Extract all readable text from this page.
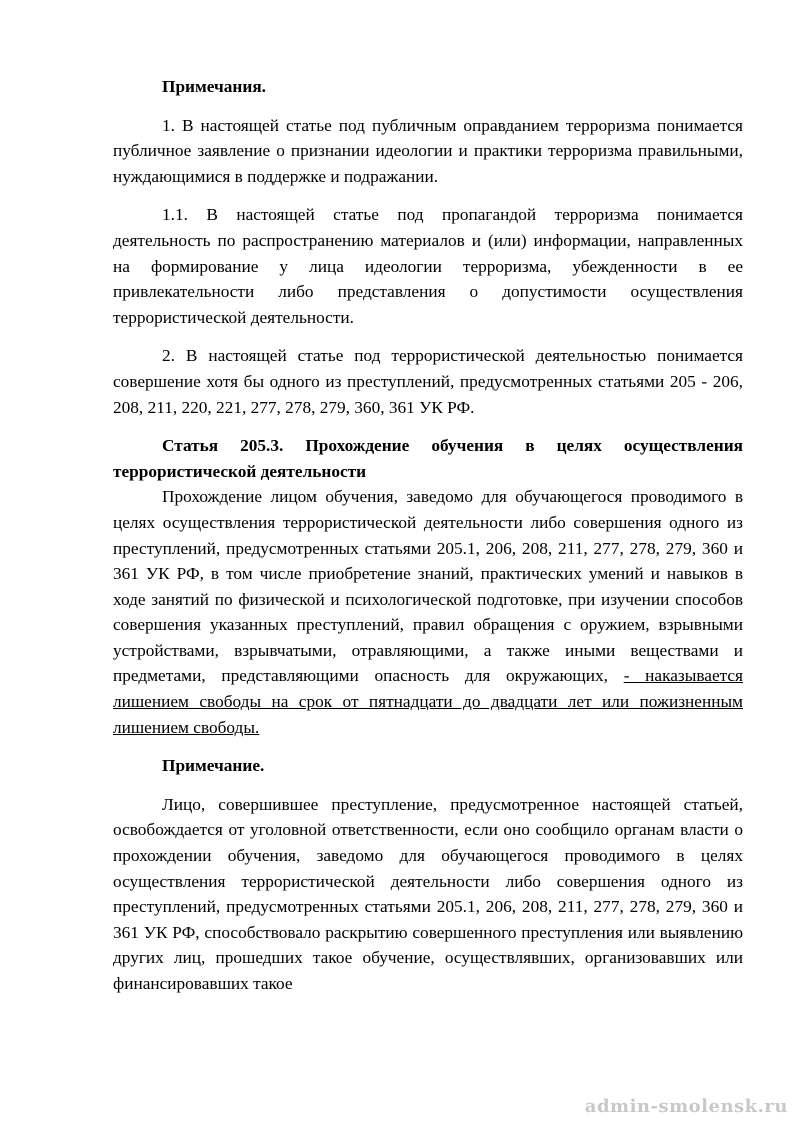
Примечания.

1. В настоящей статье под публичным оправданием терроризма понимается публичное заявление о признании идеологии и практики терроризма правильными, нуждающимися в поддержке и подражании.

1.1. В настоящей статье под пропагандой терроризма понимается деятельность по распространению материалов и (или) информации, направленных на формирование у лица идеологии терроризма, убежденности в ее привлекательности либо представления о допустимости осуществления террористической деятельности.

2. В настоящей статье под террористической деятельностью понимается совершение хотя бы одного из преступлений, предусмотренных статьями 205 - 206, 208, 211, 220, 221, 277, 278, 279, 360, 361 УК РФ.

Статья 205.3. Прохождение обучения в целях осуществления террористической деятельности

Прохождение лицом обучения, заведомо для обучающегося проводимого в целях осуществления террористической деятельности либо совершения одного из преступлений, предусмотренных статьями 205.1, 206, 208, 211, 277, 278, 279, 360 и 361 УК РФ, в том числе приобретение знаний, практических умений и навыков в ходе занятий по физической и психологической подготовке, при изучении способов совершения указанных преступлений, правил обращения с оружием, взрывными устройствами, взрывчатыми, отравляющими, а также иными веществами и предметами, представляющими опасность для окружающих, - наказывается лишением свободы на срок от пятнадцати до двадцати лет или пожизненным лишением свободы.

Примечание.

Лицо, совершившее преступление, предусмотренное настоящей статьей, освобождается от уголовной ответственности, если оно сообщило органам власти о прохождении обучения, заведомо для обучающегося проводимого в целях осуществления террористической деятельности либо совершения одного из преступлений, предусмотренных статьями 205.1, 206, 208, 211, 277, 278, 279, 360 и 361 УК РФ, способствовало раскрытию совершенного преступления или выявлению других лиц, прошедших такое обучение, осуществлявших, организовавших или финансировавших такое

admin-smolensk.ru
